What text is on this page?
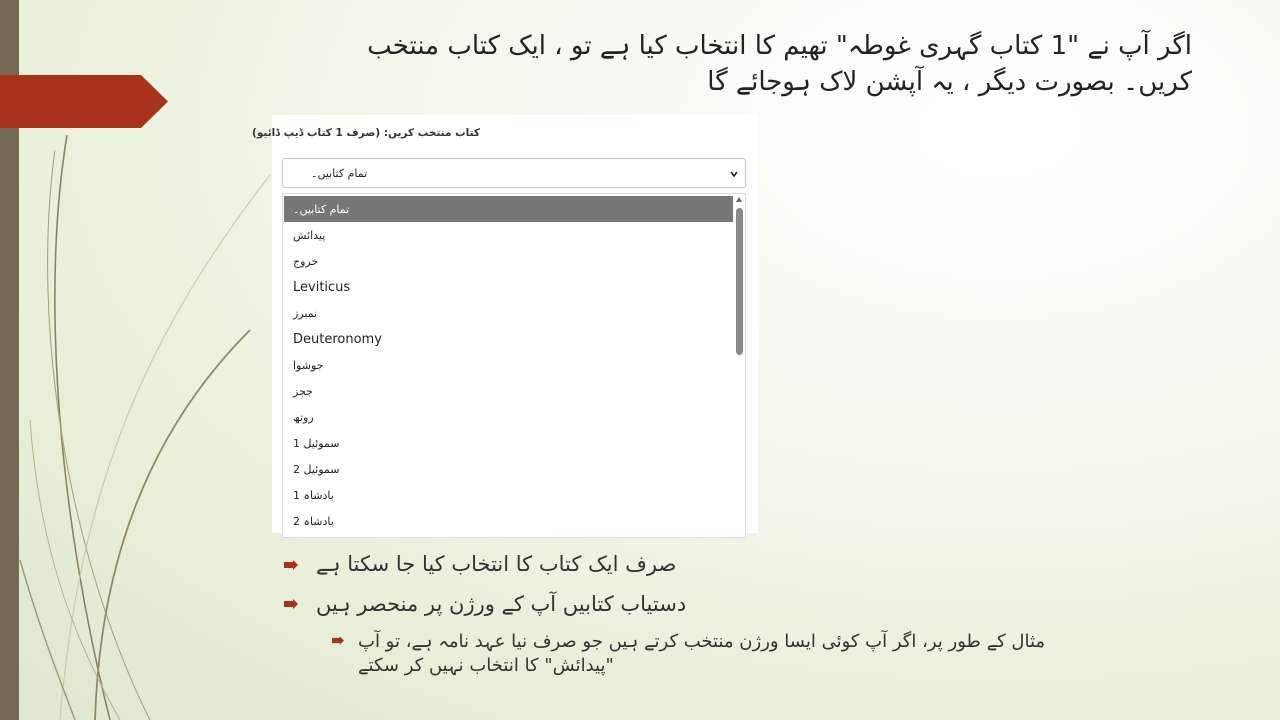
اگر آپ نے "1 کتاب گہری غوطہ" تھیم کا انتخاب کیا ہے تو ، ایک کتاب منتخب
کریں۔ بصورت دیگر ، یہ آپشن لاک ہوجائے گا
کتاب منتخب کریں: (صرف 1 کتاب ڈیپ ڈائیو)
تمام کتابیں۔
تمام کتابیں۔
پیدائش
خروج
Leviticus
نمبرز
Deuteronomy
جوشوا
ججز
روتھ
سموئیل 1
سموئیل 2
بادشاہ 1
بادشاہ 2
صرف ایک کتاب کا انتخاب کیا جا سکتا ہے
دستیاب کتابیں آپ کے ورژن پر منحصر ہیں
مثال کے طور پر، اگر آپ کوئی ایسا ورژن منتخب کرتے ہیں جو صرف نیا عہد نامہ ہے، تو آپ
"پیدائش" کا انتخاب نہیں کر سکتے
